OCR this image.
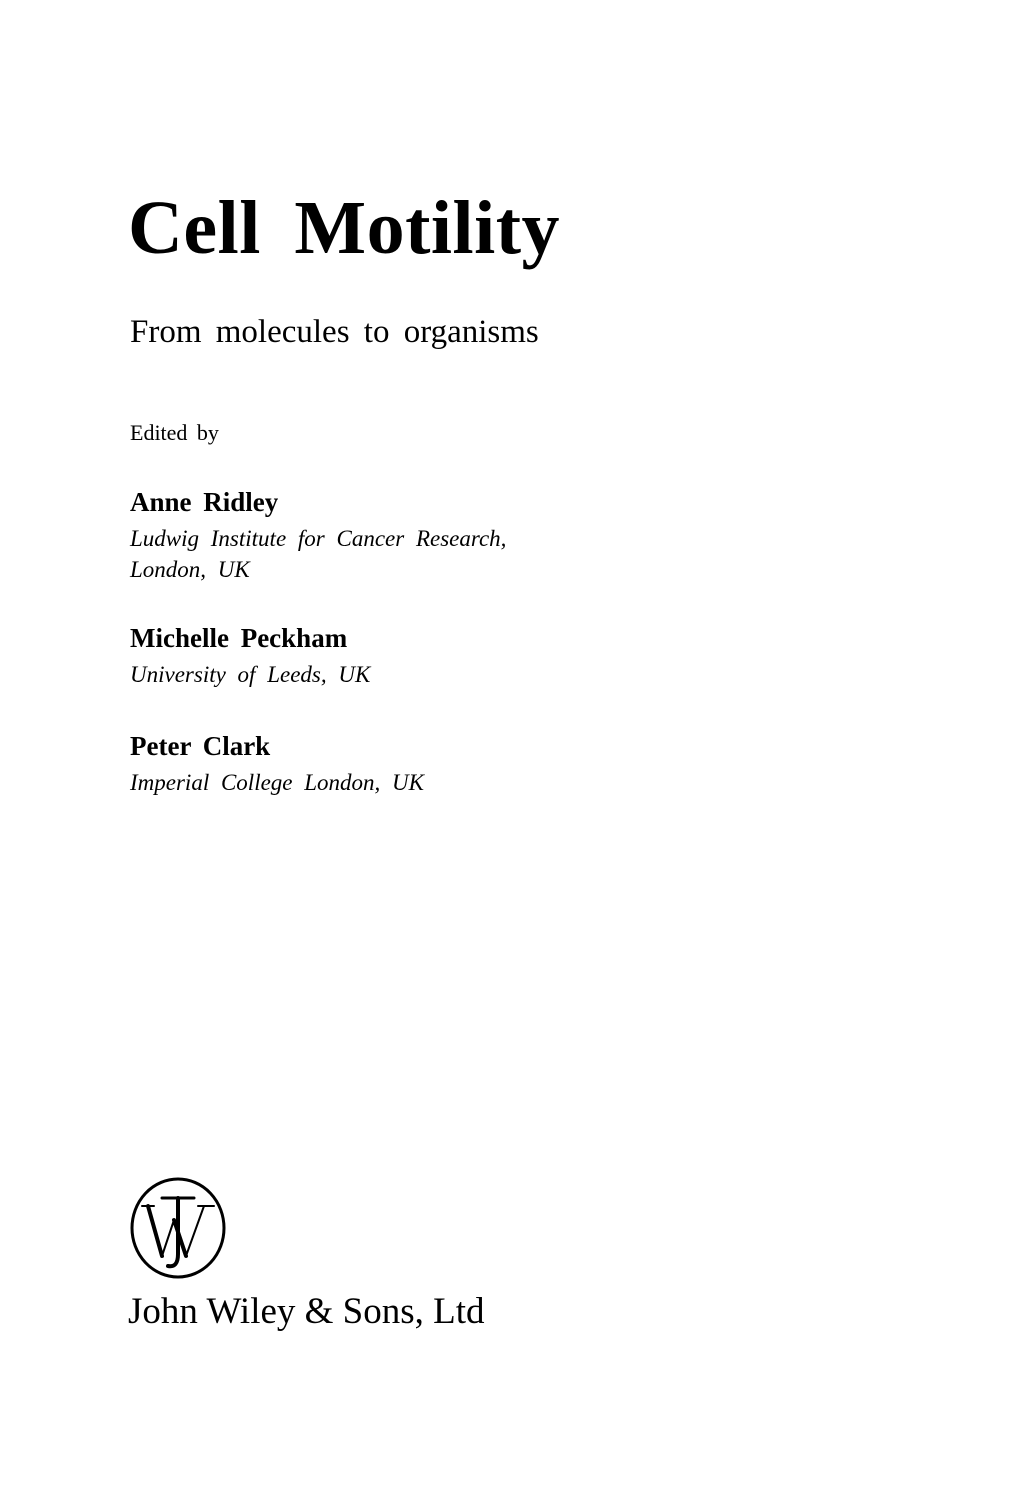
Cell Motility
From molecules to organisms
Edited by
Anne Ridley
Ludwig Institute for Cancer Research,
London, UK
Michelle Peckham
University of Leeds, UK
Peter Clark
Imperial College London, UK
John Wiley & Sons, Ltd
